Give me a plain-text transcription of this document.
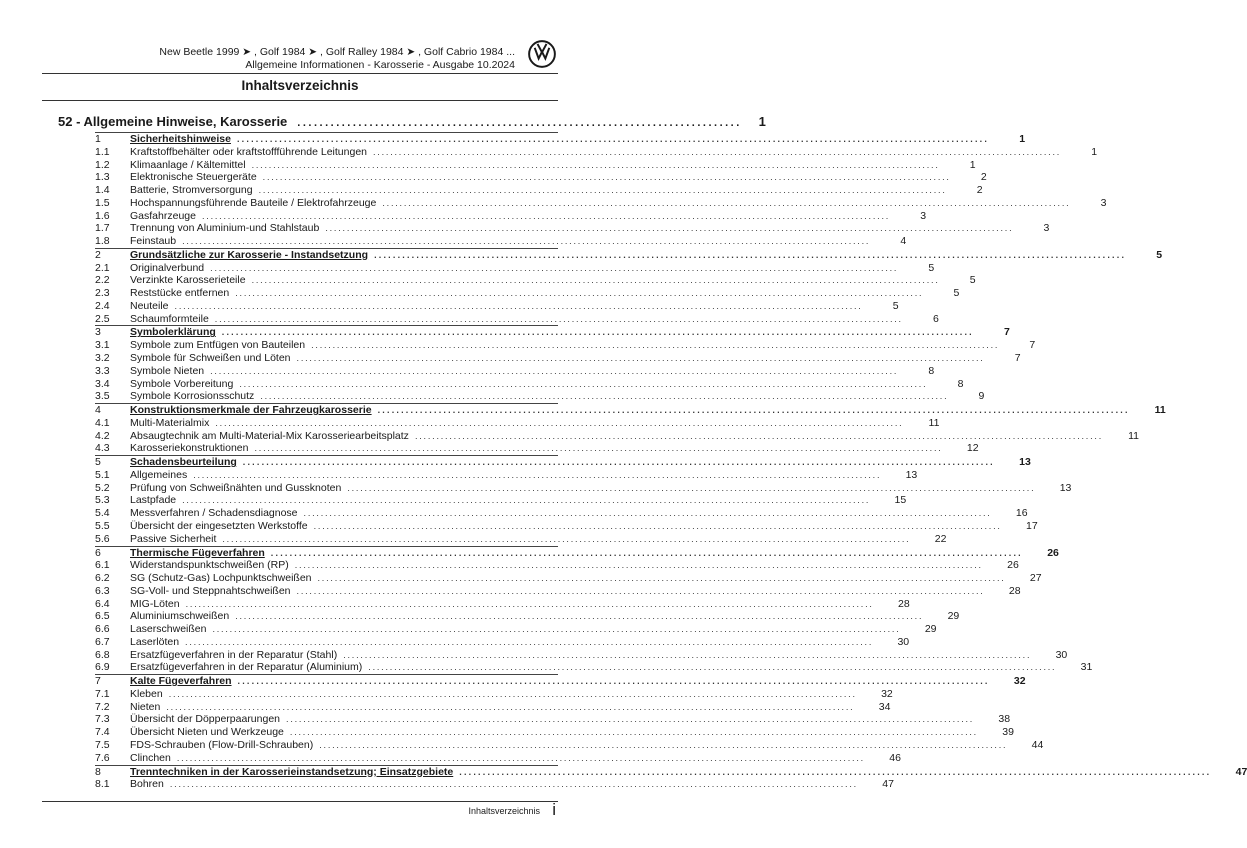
New Beetle 1999 ➤ , Golf 1984 ➤ , Golf Ralley 1984 ➤ , Golf Cabrio 1984 ...
Allgemeine Informationen - Karosserie - Ausgabe 10.2024
Inhaltsverzeichnis
52 - Allgemeine Hinweise, Karosserie ................................................................................ 1
1	Sicherheitshinweise ................................................................................................................................................................	1
1.1	Kraftstoffbehälter oder kraftstoffführende Leitungen ................................................................................................................................................................	1
1.2	Klimaanlage / Kältemittel ................................................................................................................................................................	1
1.3	Elektronische Steuergeräte ................................................................................................................................................................	2
1.4	Batterie, Stromversorgung ................................................................................................................................................................	2
1.5	Hochspannungsführende Bauteile / Elektrofahrzeuge ................................................................................................................................................................	3
1.6	Gasfahrzeuge ................................................................................................................................................................	3
1.7	Trennung von Aluminium-und Stahlstaub ................................................................................................................................................................	3
1.8	Feinstaub ................................................................................................................................................................	4
2	Grundsätzliche zur Karosserie - Instandsetzung ................................................................................................................................................................	5
2.1	Originalverbund ................................................................................................................................................................	5
2.2	Verzinkte Karosserieteile ................................................................................................................................................................	5
2.3	Reststücke entfernen ................................................................................................................................................................	5
2.4	Neuteile ................................................................................................................................................................	5
2.5	Schaumformteile ................................................................................................................................................................	6
3	Symbolerklärung ................................................................................................................................................................	7
3.1	Symbole zum Entfügen von Bauteilen ................................................................................................................................................................	7
3.2	Symbole für Schweißen und Löten ................................................................................................................................................................	7
3.3	Symbole Nieten ................................................................................................................................................................	8
3.4	Symbole Vorbereitung ................................................................................................................................................................	8
3.5	Symbole Korrosionsschutz ................................................................................................................................................................	9
4	Konstruktionsmerkmale der Fahrzeugkarosserie ................................................................................................................................................................ 11
4.1	Multi-Materialmix ................................................................................................................................................................ 11
4.2	Absaugtechnik am Multi-Material-Mix Karosseriearbeitsplatz ................................................................................................................................................................ 11
4.3	Karosseriekonstruktionen ................................................................................................................................................................ 12
5	Schadensbeurteilung ................................................................................................................................................................ 13
5.1	Allgemeines ................................................................................................................................................................ 13
5.2	Prüfung von Schweißnähten und Gussknoten ................................................................................................................................................................ 13
5.3	Lastpfade ................................................................................................................................................................ 15
5.4	Messverfahren / Schadensdiagnose ................................................................................................................................................................ 16
5.5	Übersicht der eingesetzten Werkstoffe ................................................................................................................................................................ 17
5.6	Passive Sicherheit ................................................................................................................................................................ 22
6	Thermische Fügeverfahren ................................................................................................................................................................ 26
6.1	Widerstandspunktschweißen (RP) ................................................................................................................................................................ 26
6.2	SG (Schutz-Gas) Lochpunktschweißen ................................................................................................................................................................ 27
6.3	SG-Voll- und Steppnahtschweißen ................................................................................................................................................................ 28
6.4	MIG-Löten ................................................................................................................................................................ 28
6.5	Aluminiumschweißen ................................................................................................................................................................ 29
6.6	Laserschweißen ................................................................................................................................................................ 29
6.7	Laserlöten ................................................................................................................................................................ 30
6.8	Ersatzfügeverfahren in der Reparatur (Stahl) ................................................................................................................................................................ 30
6.9	Ersatzfügeverfahren in der Reparatur (Aluminium) ................................................................................................................................................................ 31
7	Kalte Fügeverfahren ................................................................................................................................................................ 32
7.1	Kleben ................................................................................................................................................................ 32
7.2	Nieten ................................................................................................................................................................ 34
7.3	Übersicht der Döpperpaarungen ................................................................................................................................................................ 38
7.4	Übersicht Nieten und Werkzeuge ................................................................................................................................................................ 39
7.5	FDS-Schrauben (Flow-Drill-Schrauben) ................................................................................................................................................................ 44
7.6	Clinchen ................................................................................................................................................................ 46
8	Trenntechniken in der Karosserieinstandsetzung; Einsatzgebiete ................................................................................................................................................................ 47
8.1	Bohren ................................................................................................................................................................ 47
Inhaltsverzeichnis i
